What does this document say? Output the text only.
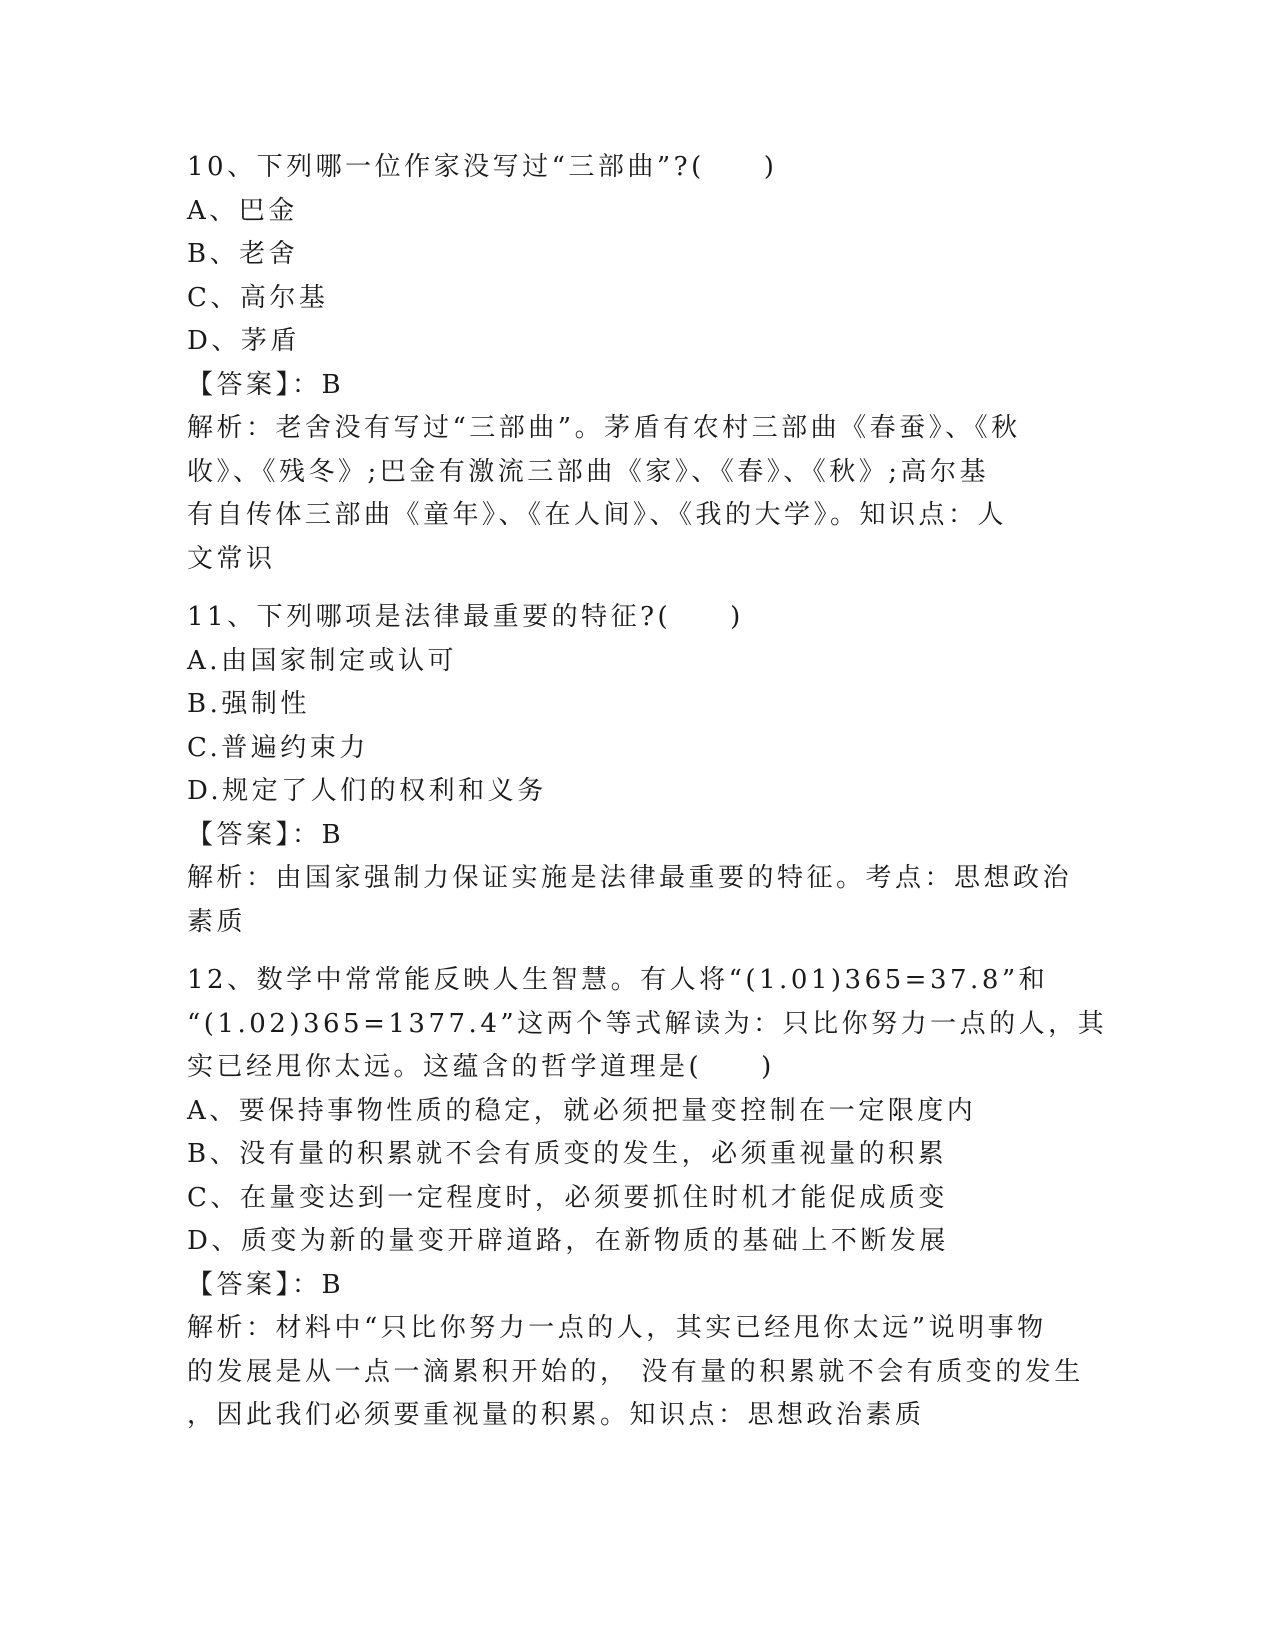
10、下列哪一位作家没写过“三部曲”?(　　)

A、巴金

B、老舍

C、高尔基

D、茅盾

【答案】：B

解析：老舍没有写过“三部曲”。茅盾有农村三部曲《春蚕》、《秋

收》、《残冬》;巴金有激流三部曲《家》、《春》、《秋》;高尔基

有自传体三部曲《童年》、《在人间》、《我的大学》。知识点：人

文常识

11、下列哪项是法律最重要的特征?(　　)

A.由国家制定或认可

B.强制性

C.普遍约束力

D.规定了人们的权利和义务

【答案】：B

解析：由国家强制力保证实施是法律最重要的特征。考点：思想政治

素质

12、数学中常常能反映人生智慧。有人将“(1.01)365=37.8”和

“(1.02)365=1377.4”这两个等式解读为：只比你努力一点的人，其

实已经甩你太远。这蕴含的哲学道理是(　　)

A、要保持事物性质的稳定，就必须把量变控制在一定限度内

B、没有量的积累就不会有质变的发生，必须重视量的积累

C、在量变达到一定程度时，必须要抓住时机才能促成质变

D、质变为新的量变开辟道路，在新物质的基础上不断发展

【答案】：B

解析：材料中“只比你努力一点的人，其实已经甩你太远”说明事物

的发展是从一点一滴累积开始的， 没有量的积累就不会有质变的发生

，因此我们必须要重视量的积累。知识点：思想政治素质
